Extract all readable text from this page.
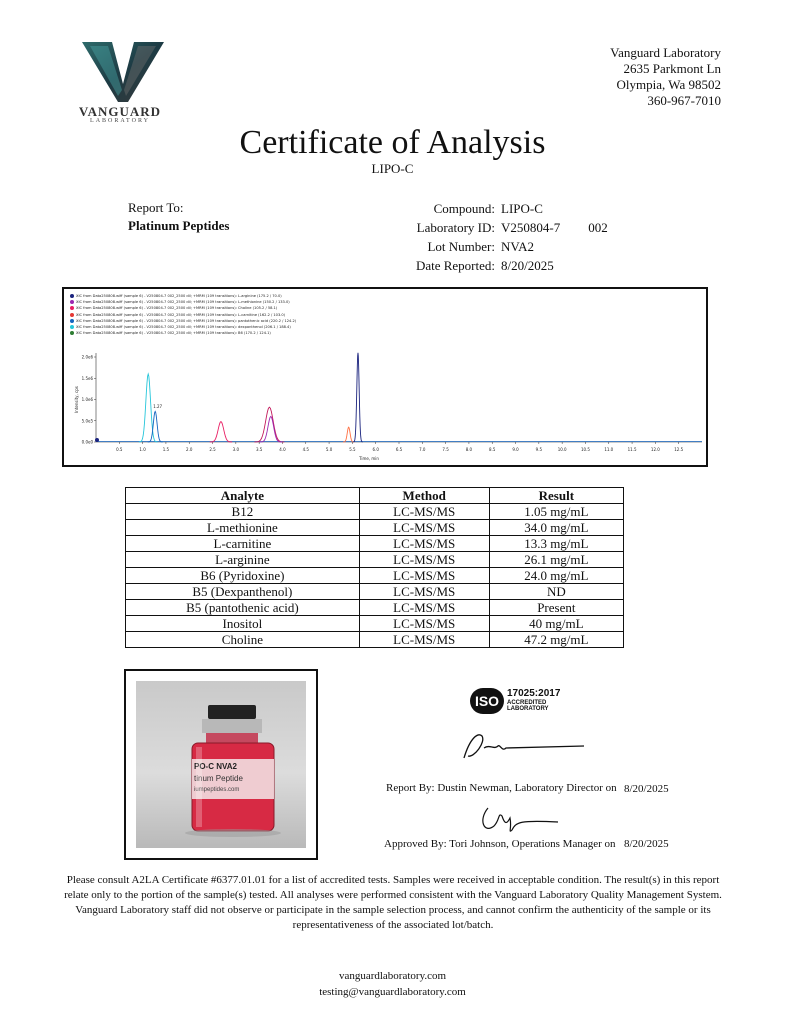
VANGUARD
LABORATORY
Vanguard Laboratory
2635 Parkmont Ln
Olympia, Wa 98502
360-967-7010
Certificate of Analysis
LIPO-C
Report To:
Platinum Peptides
Compound: LIPO-C
Laboratory ID: V250804-7 002
Lot Number: NVA2
Date Reported: 8/20/2025
XIC from Data250808.wiff (sample 6) - V250804-7 002_2500 dil; +MRM (109 transitions): L-arginine (175.2 / 70.0)
XIC from Data250808.wiff (sample 6) - V250804-7 002_2500 dil; +MRM (109 transitions): L-methionine (150.2 / 133.0)
XIC from Data250808.wiff (sample 6) - V250804-7 002_2500 dil; +MRM (109 transitions): Choline (105.2 / 58.1)
XIC from Data250808.wiff (sample 6) - V250804-7 002_2500 dil; +MRM (109 transitions): L-carnitine (162.2 / 103.0)
XIC from Data250808.wiff (sample 6) - V250804-7 002_2500 dil; +MRM (109 transitions): pantothenic acid (220.2 / 124.2)
XIC from Data250808.wiff (sample 6) - V250804-7 002_2500 dil; +MRM (109 transitions): dexpanthenol (206.1 / 188.4)
XIC from Data250808.wiff (sample 6) - V250804-7 002_2500 dil; +MRM (109 transitions): B6 (170.2 / 124.1)
2.0e6
1.5e6
1.0e6
5.0e5
0.0e0
0.5	1.0	1.5	2.0	2.5	3.0	3.5	4.0	4.5	5.0	5.5	6.0	6.5	7.0	7.5	8.0	8.5	9.0	9.5	10.0	10.5	11.0	11.5	12.0	12.5
Time, min
Intensity, cps	1.27
Analyte	Method	Result
B12	LC-MS/MS	1.05 mg/mL
L-methionine	LC-MS/MS	34.0 mg/mL
L-carnitine	LC-MS/MS	13.3 mg/mL
L-arginine	LC-MS/MS	26.1 mg/mL
B6 (Pyridoxine)	LC-MS/MS	24.0 mg/mL
B5 (Dexpanthenol)	LC-MS/MS	ND
B5 (pantothenic acid)	LC-MS/MS	Present
Inositol	LC-MS/MS	40 mg/mL
Choline	LC-MS/MS	47.2 mg/mL
PO-C NVA2
tinum Peptide
iumpeptides.com
ISO 17025:2017
ACCREDITED
LABORATORY
Report By: Dustin Newman, Laboratory Director on 8/20/2025
Approved By: Tori Johnson, Operations Manager on 8/20/2025
Please consult A2LA Certificate #6377.01.01 for a list of accredited tests. Samples were received in acceptable condition. The result(s) in this report relate only to the portion of the sample(s) tested. All analyses were performed consistent with the Vanguard Laboratory Quality Management System. Vanguard Laboratory staff did not observe or participate in the sample selection process, and cannot confirm the authenticity of the sample or its representativeness of the associated lot/batch.
vanguardlaboratory.com
testing@vanguardlaboratory.com
